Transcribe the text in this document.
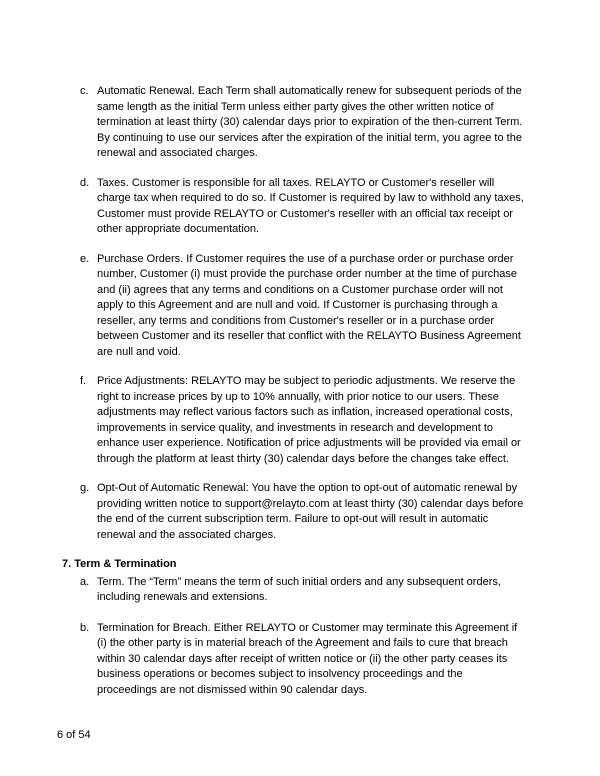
c. Automatic Renewal. Each Term shall automatically renew for subsequent periods of the same length as the initial Term unless either party gives the other written notice of termination at least thirty (30) calendar days prior to expiration of the then-current Term. By continuing to use our services after the expiration of the initial term, you agree to the renewal and associated charges.
d. Taxes. Customer is responsible for all taxes. RELAYTO or Customer's reseller will charge tax when required to do so. If Customer is required by law to withhold any taxes, Customer must provide RELAYTO or Customer's reseller with an official tax receipt or other appropriate documentation.
e. Purchase Orders. If Customer requires the use of a purchase order or purchase order number, Customer (i) must provide the purchase order number at the time of purchase and (ii) agrees that any terms and conditions on a Customer purchase order will not apply to this Agreement and are null and void. If Customer is purchasing through a reseller, any terms and conditions from Customer's reseller or in a purchase order between Customer and its reseller that conflict with the RELAYTO Business Agreement are null and void.
f. Price Adjustments: RELAYTO may be subject to periodic adjustments. We reserve the right to increase prices by up to 10% annually, with prior notice to our users. These adjustments may reflect various factors such as inflation, increased operational costs, improvements in service quality, and investments in research and development to enhance user experience. Notification of price adjustments will be provided via email or through the platform at least thirty (30) calendar days before the changes take effect.
g. Opt-Out of Automatic Renewal: You have the option to opt-out of automatic renewal by providing written notice to support@relayto.com at least thirty (30) calendar days before the end of the current subscription term. Failure to opt-out will result in automatic renewal and the associated charges.
7. Term & Termination
a. Term. The “Term” means the term of such initial orders and any subsequent orders, including renewals and extensions.
b. Termination for Breach. Either RELAYTO or Customer may terminate this Agreement if (i) the other party is in material breach of the Agreement and fails to cure that breach within 30 calendar days after receipt of written notice or (ii) the other party ceases its business operations or becomes subject to insolvency proceedings and the proceedings are not dismissed within 90 calendar days.
6 of 54
